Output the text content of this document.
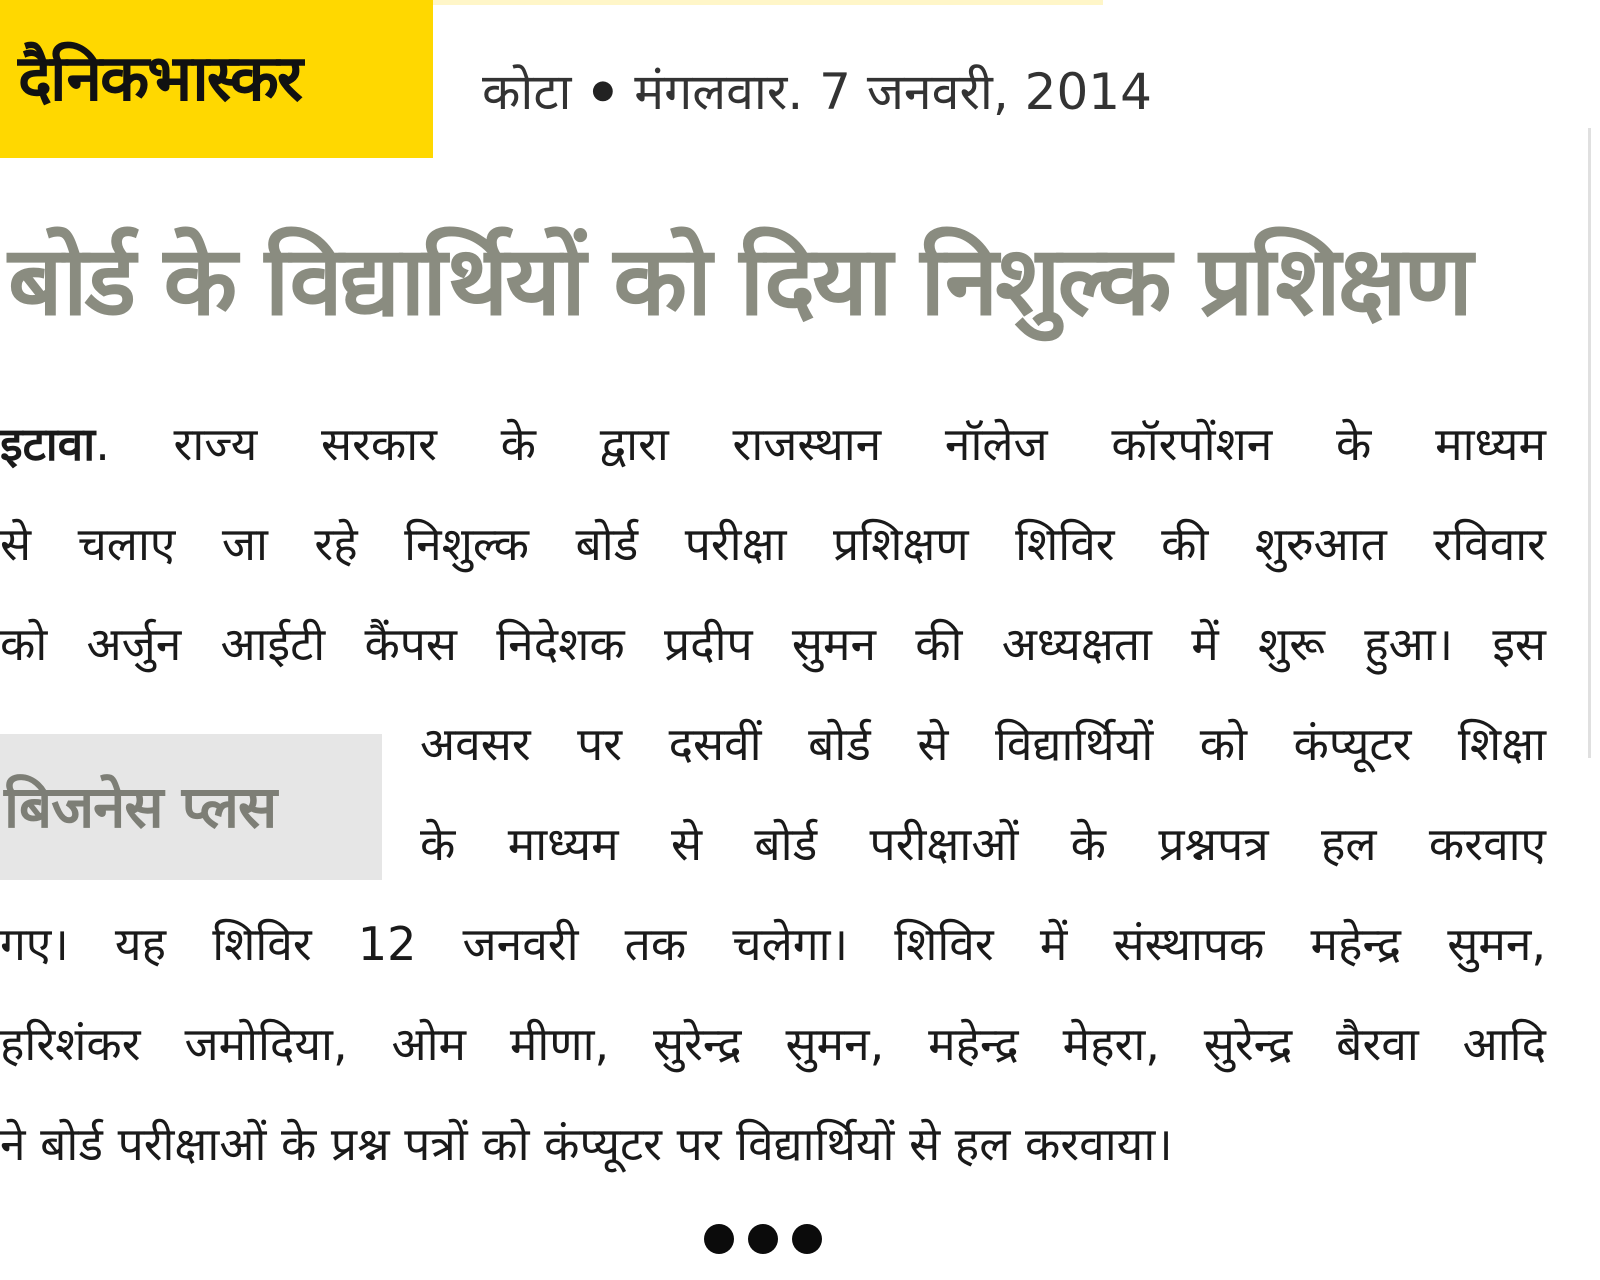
दैनिकभास्कर	कोटा ● मंगलवार. 7 जनवरी, 2014
बोर्ड के विद्यार्थियों को दिया निशुल्क प्रशिक्षण
इटावा. राज्य सरकार के द्वारा राजस्थान नॉलेज कॉरपोंशन के माध्यम
से चलाए जा रहे निशुल्क बोर्ड परीक्षा प्रशिक्षण शिविर की शुरुआत रविवार
को अर्जुन आईटी कैंपस निदेशक प्रदीप सुमन की अध्यक्षता में शुरू हुआ। इस
बिजनेस प्लस
अवसर पर दसवीं बोर्ड से विद्यार्थियों को कंप्यूटर शिक्षा
के माध्यम से बोर्ड परीक्षाओं के प्रश्नपत्र हल करवाए
गए। यह शिविर 12 जनवरी तक चलेगा। शिविर में संस्थापक महेन्द्र सुमन,
हरिशंकर जमोदिया, ओम मीणा, सुरेन्द्र सुमन, महेन्द्र मेहरा, सुरेन्द्र बैरवा आदि
ने बोर्ड परीक्षाओं के प्रश्न पत्रों को कंप्यूटर पर विद्यार्थियों से हल करवाया।
